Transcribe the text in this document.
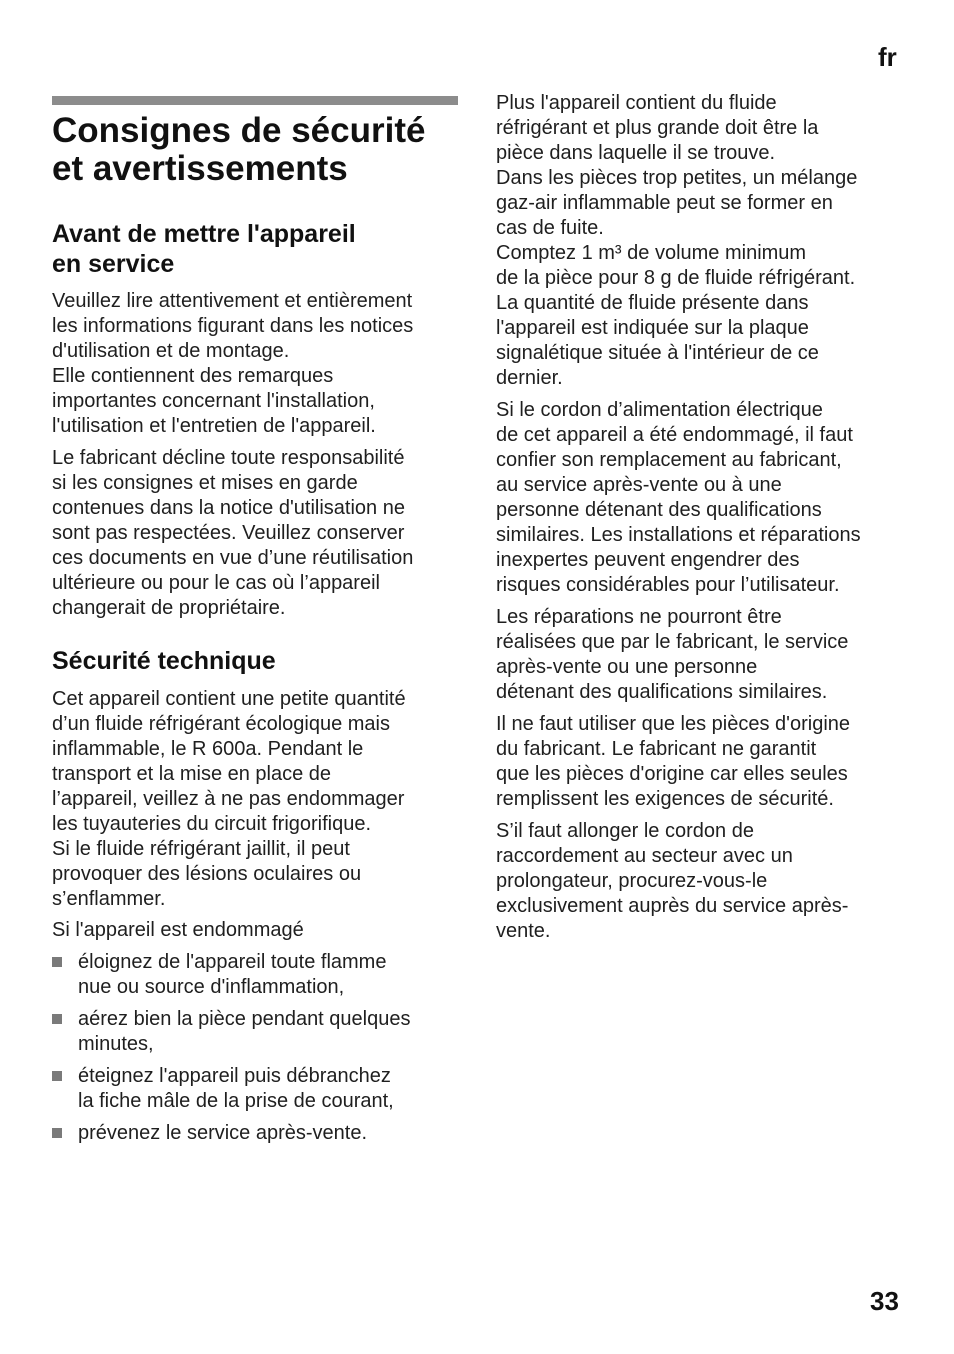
fr
Consignes de sécurité
et avertissements
Avant de mettre l'appareil
en service

Veuillez lire attentivement et entièrement
les informations figurant dans les notices
d'utilisation et de montage.
Elle contiennent des remarques
importantes concernant l'installation,
l'utilisation et l'entretien de l'appareil.

Le fabricant décline toute responsabilité
si les consignes et mises en garde
contenues dans la notice d'utilisation ne
sont pas respectées. Veuillez conserver
ces documents en vue d’une réutilisation
ultérieure ou pour le cas où l’appareil
changerait de propriétaire.

Sécurité technique

Cet appareil contient une petite quantité
d’un fluide réfrigérant écologique mais
inflammable, le R 600a. Pendant le
transport et la mise en place de
l’appareil, veillez à ne pas endommager
les tuyauteries du circuit frigorifique.
Si le fluide réfrigérant jaillit, il peut
provoquer des lésions oculaires ou
s’enflammer.

Si l'appareil est endommagé

éloignez de l'appareil toute flamme
nue ou source d'inflammation,
aérez bien la pièce pendant quelques
minutes,
éteignez l'appareil puis débranchez
la fiche mâle de la prise de courant,
prévenez le service après-vente.

Plus l'appareil contient du fluide
réfrigérant et plus grande doit être la
pièce dans laquelle il se trouve.
Dans les pièces trop petites, un mélange
gaz-air inflammable peut se former en
cas de fuite.
Comptez 1 m³ de volume minimum
de la pièce pour 8 g de fluide réfrigérant.
La quantité de fluide présente dans
l'appareil est indiquée sur la plaque
signalétique située à l'intérieur de ce
dernier.

Si le cordon d’alimentation électrique
de cet appareil a été endommagé, il faut
confier son remplacement au fabricant,
au service après-vente ou à une
personne détenant des qualifications
similaires. Les installations et réparations
inexpertes peuvent engendrer des
risques considérables pour l’utilisateur.

Les réparations ne pourront être
réalisées que par le fabricant, le service
après-vente ou une personne
détenant des qualifications similaires.

Il ne faut utiliser que les pièces d'origine
du fabricant. Le fabricant ne garantit
que les pièces d'origine car elles seules
remplissent les exigences de sécurité.

S’il faut allonger le cordon de
raccordement au secteur avec un
prolongateur, procurez-vous-le
exclusivement auprès du service après-
vente.

33
